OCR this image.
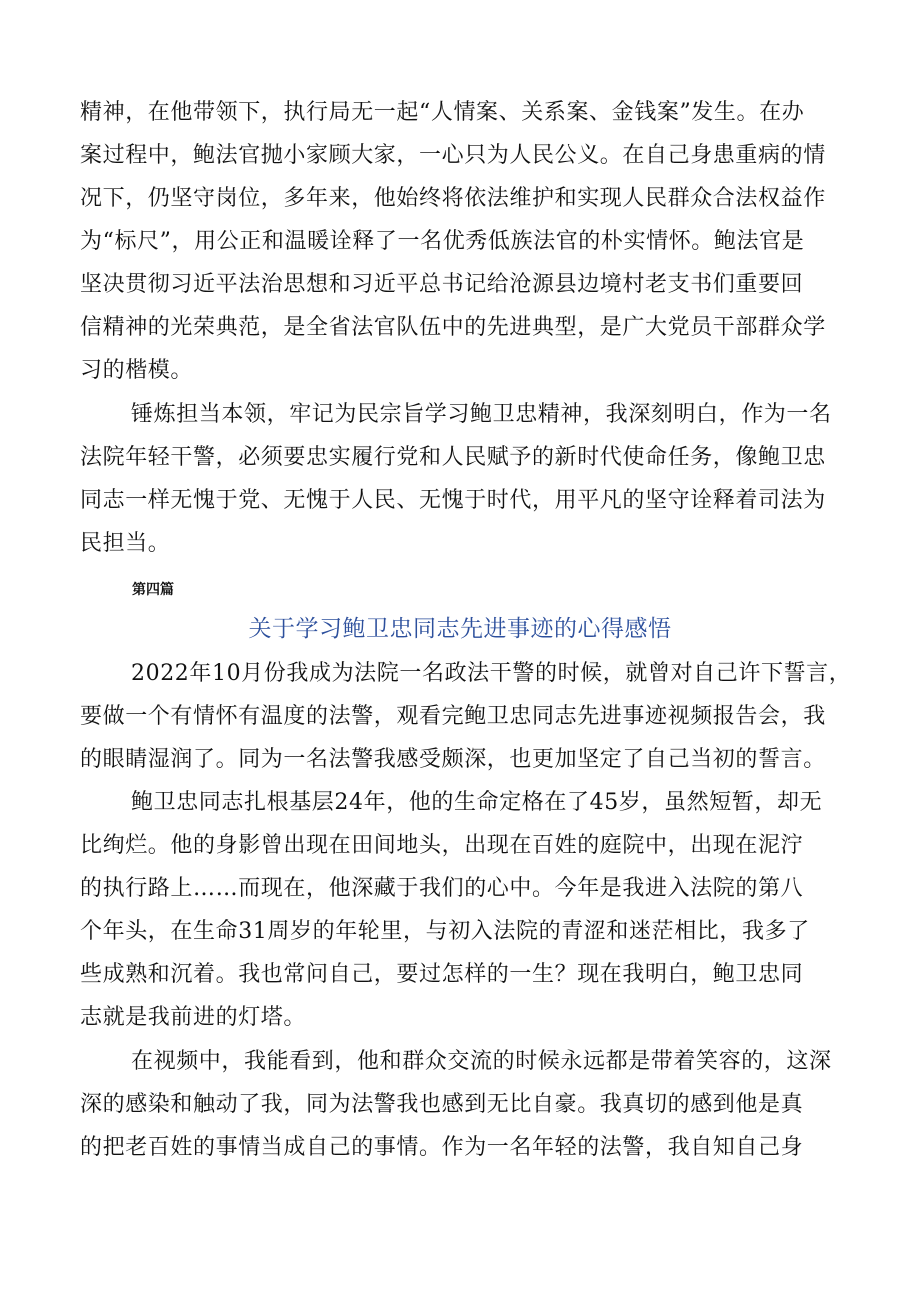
精神，在他带领下，执行局无一起“人情案、关系案、金钱案”发生。在办
案过程中，鲍法官抛小家顾大家，一心只为人民公义。在自己身患重病的情
况下，仍坚守岗位，多年来，他始终将依法维护和实现人民群众合法权益作
为“标尺”，用公正和温暖诠释了一名优秀低族法官的朴实情怀。鲍法官是
坚决贯彻习近平法治思想和习近平总书记给沧源县边境村老支书们重要回
信精神的光荣典范，是全省法官队伍中的先进典型，是广大党员干部群众学
习的楷模。
锤炼担当本领，牢记为民宗旨学习鲍卫忠精神，我深刻明白，作为一名
法院年轻干警，必须要忠实履行党和人民赋予的新时代使命任务，像鲍卫忠
同志一样无愧于党、无愧于人民、无愧于时代，用平凡的坚守诠释着司法为
民担当。
第四篇
关于学习鲍卫忠同志先进事迹的心得感悟
2022年10月份我成为法院一名政法干警的时候，就曾对自己许下誓言，
要做一个有情怀有温度的法警，观看完鲍卫忠同志先进事迹视频报告会，我
的眼睛湿润了。同为一名法警我感受颇深，也更加坚定了自己当初的誓言。
鲍卫忠同志扎根基层24年，他的生命定格在了45岁，虽然短暂，却无
比绚烂。他的身影曾出现在田间地头，出现在百姓的庭院中，出现在泥泞
的执行路上……而现在，他深藏于我们的心中。今年是我进入法院的第八
个年头，在生命31周岁的年轮里，与初入法院的青涩和迷茫相比，我多了
些成熟和沉着。我也常问自己，要过怎样的一生？现在我明白，鲍卫忠同
志就是我前进的灯塔。
在视频中，我能看到，他和群众交流的时候永远都是带着笑容的，这深
深的感染和触动了我，同为法警我也感到无比自豪。我真切的感到他是真
的把老百姓的事情当成自己的事情。作为一名年轻的法警，我自知自己身
